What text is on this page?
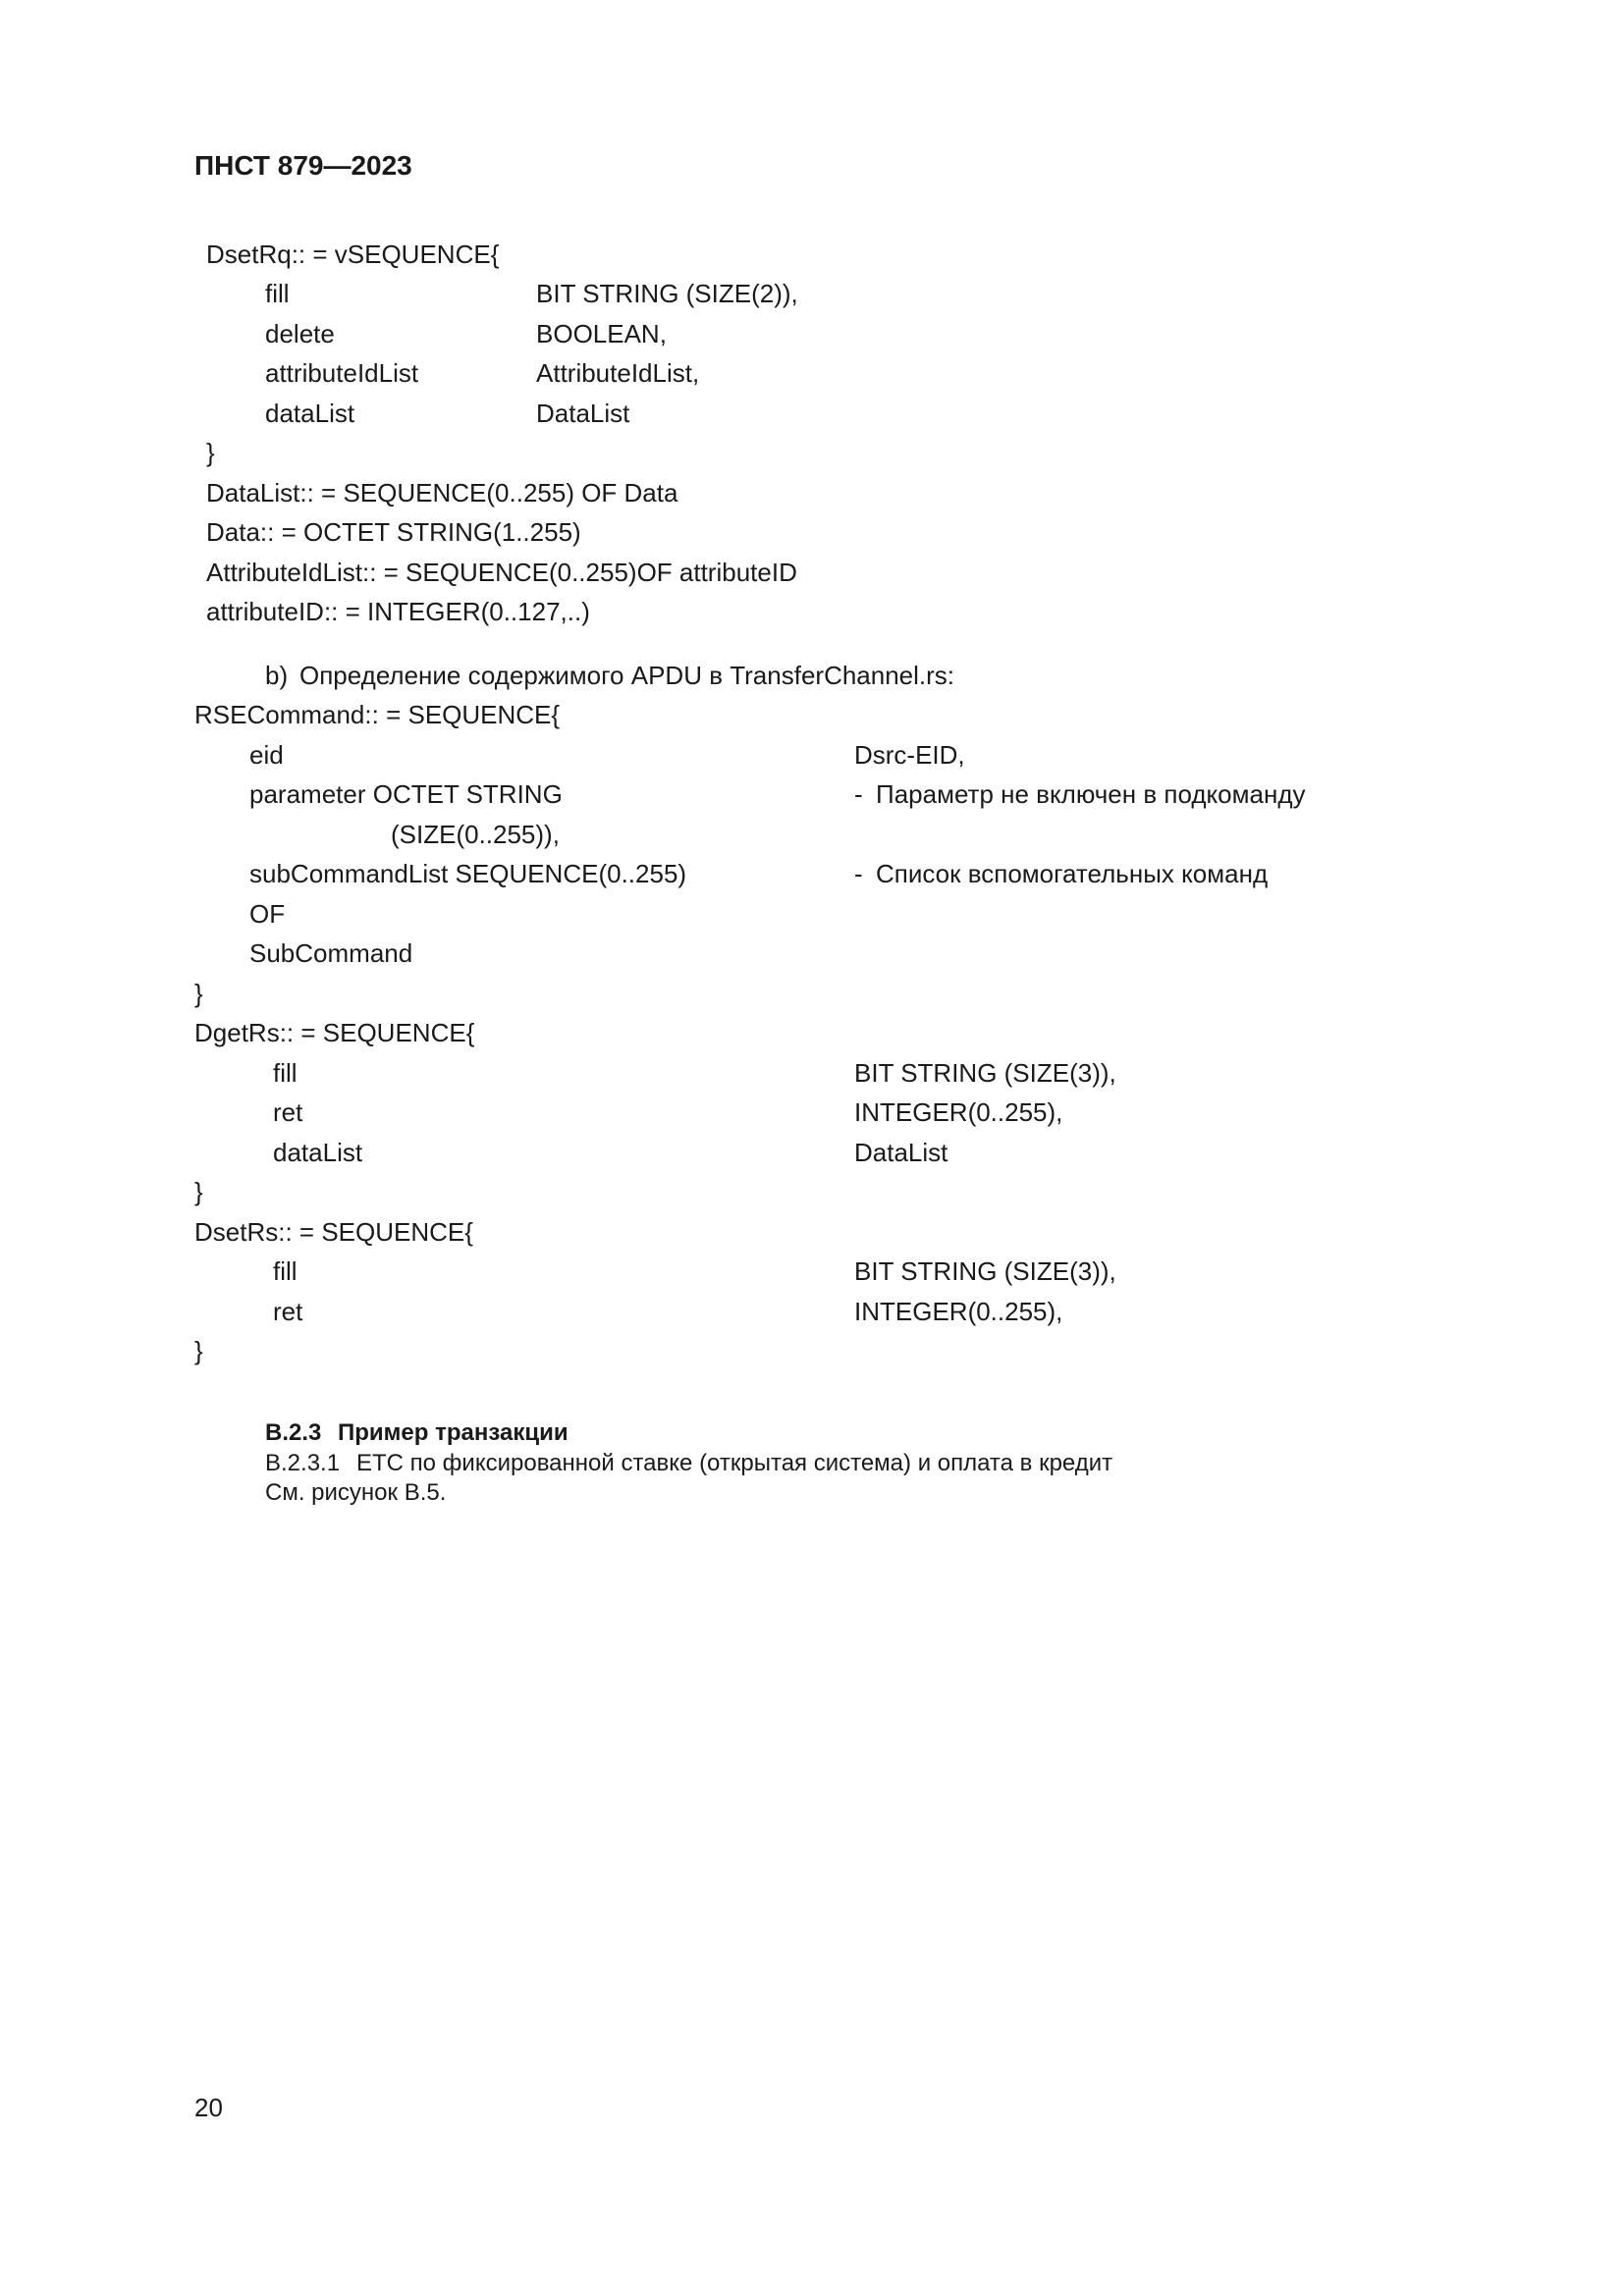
ПНСТ 879—2023
DsetRq:: = vSEQUENCE{
fill	BIT STRING (SIZE(2)),
delete	BOOLEAN,
attributeIdList	AttributeIdList,
dataList	DataList
}
DataList:: = SEQUENCE(0..255) OF Data
Data:: = OCTET STRING(1..255)
AttributeIdList:: = SEQUENCE(0..255)OF attributeID
attributeID:: = INTEGER(0..127,..)
b) Определение содержимого APDU в TransferChannel.rs:
RSECommand:: = SEQUENCE{
eid	Dsrc-EID,
parameter OCTET STRING	- Параметр не включен в подкоманду
(SIZE(0..255)),
subCommandList SEQUENCE(0..255)	- Список вспомогательных команд
OF
SubCommand
}
DgetRs:: = SEQUENCE{
fill	BIT STRING (SIZE(3)),
ret	INTEGER(0..255),
dataList	DataList
}
DsetRs:: = SEQUENCE{
fill	BIT STRING (SIZE(3)),
ret	INTEGER(0..255),
}
В.2.3 Пример транзакции
В.2.3.1 ETC по фиксированной ставке (открытая система) и оплата в кредит
См. рисунок В.5.
20
